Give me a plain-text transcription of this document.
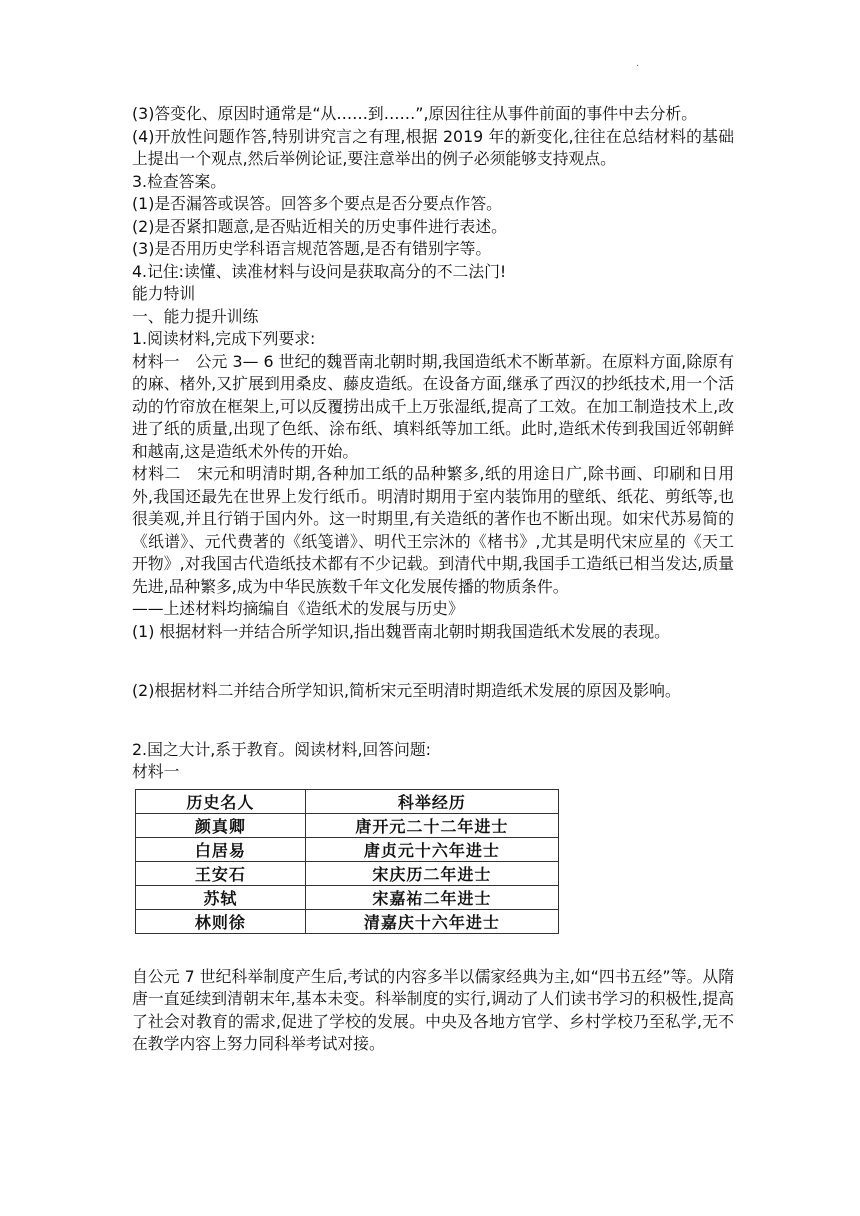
.

(3)答变化、原因时通常是“从……到……”,原因往往从事件前面的事件中去分析。

(4)开放性问题作答,特别讲究言之有理,根据 2019 年的新变化,往往在总结材料的基础上提出一个观点,然后举例论证,要注意举出的例子必须能够支持观点。

3.检查答案。

(1)是否漏答或误答。回答多个要点是否分要点作答。

(2)是否紧扣题意,是否贴近相关的历史事件进行表述。

(3)是否用历史学科语言规范答题,是否有错别字等。

4.记住:读懂、读准材料与设问是获取高分的不二法门!

能力特训

一、能力提升训练

1.阅读材料,完成下列要求:

材料一　公元 3— 6 世纪的魏晋南北朝时期,我国造纸术不断革新。在原料方面,除原有的麻、楮外,又扩展到用桑皮、藤皮造纸。在设备方面,继承了西汉的抄纸技术,用一个活动的竹帘放在框架上,可以反覆捞出成千上万张湿纸,提高了工效。在加工制造技术上,改进了纸的质量,出现了色纸、涂布纸、填料纸等加工纸。此时,造纸术传到我国近邻朝鲜和越南,这是造纸术外传的开始。

材料二　宋元和明清时期,各种加工纸的品种繁多,纸的用途日广,除书画、印刷和日用外,我国还最先在世界上发行纸币。明清时期用于室内装饰用的壁纸、纸花、剪纸等,也很美观,并且行销于国内外。这一时期里,有关造纸的著作也不断出现。如宋代苏易简的《纸谱》、元代费著的《纸笺谱》、明代王宗沐的《楮书》,尤其是明代宋应星的《天工开物》,对我国古代造纸技术都有不少记载。到清代中期,我国手工造纸已相当发达,质量先进,品种繁多,成为中华民族数千年文化发展传播的物质条件。

——上述材料均摘编自《造纸术的发展与历史》

(1) 根据材料一并结合所学知识,指出魏晋南北朝时期我国造纸术发展的表现。

(2)根据材料二并结合所学知识,简析宋元至明清时期造纸术发展的原因及影响。

2.国之大计,系于教育。阅读材料,回答问题:

材料一

历史名人	科举经历
颜真卿	唐开元二十二年进士
白居易	唐贞元十六年进士
王安石	宋庆历二年进士
苏轼	宋嘉祐二年进士
林则徐	清嘉庆十六年进士

自公元 7 世纪科举制度产生后,考试的内容多半以儒家经典为主,如“四书五经”等。从隋唐一直延续到清朝末年,基本未变。科举制度的实行,调动了人们读书学习的积极性,提高了社会对教育的需求,促进了学校的发展。中央及各地方官学、乡村学校乃至私学,无不在教学内容上努力同科举考试对接。
